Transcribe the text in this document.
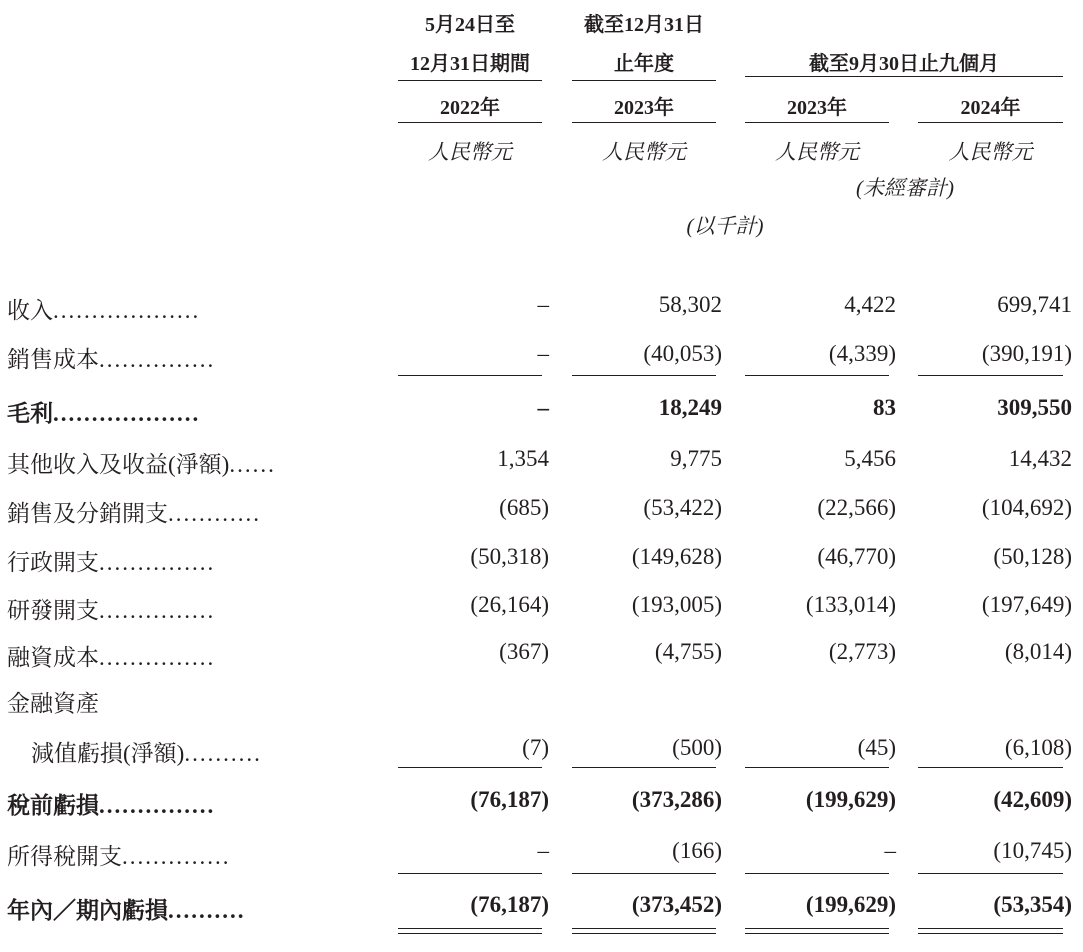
5月24日至
12月31日期間
截至12月31日
止年度	截至9月30日止九個月
2022年	2023年	2023年	2024年
人民幣元	人民幣元	人民幣元	人民幣元
(未經審計)
(以千計)
收入...................	–	58,302	4,422	699,741
銷售成本...............	–	(40,053)	(4,339)	(390,191)
毛利...................	–	18,249	83	309,550
其他收入及收益(淨額)......	1,354	9,775	5,456	14,432
銷售及分銷開支............	(685)	(53,422)	(22,566)	(104,692)
行政開支...............	(50,318)	(149,628)	(46,770)	(50,128)
研發開支...............	(26,164)	(193,005)	(133,014)	(197,649)
融資成本...............	(367)	(4,755)	(2,773)	(8,014)
金融資產
減值虧損(淨額)..........	(7)	(500)	(45)	(6,108)
稅前虧損...............	(76,187)	(373,286)	(199,629)	(42,609)
所得稅開支..............	–	(166)	–	(10,745)
年內／期內虧損..........	(76,187)	(373,452)	(199,629)	(53,354)
